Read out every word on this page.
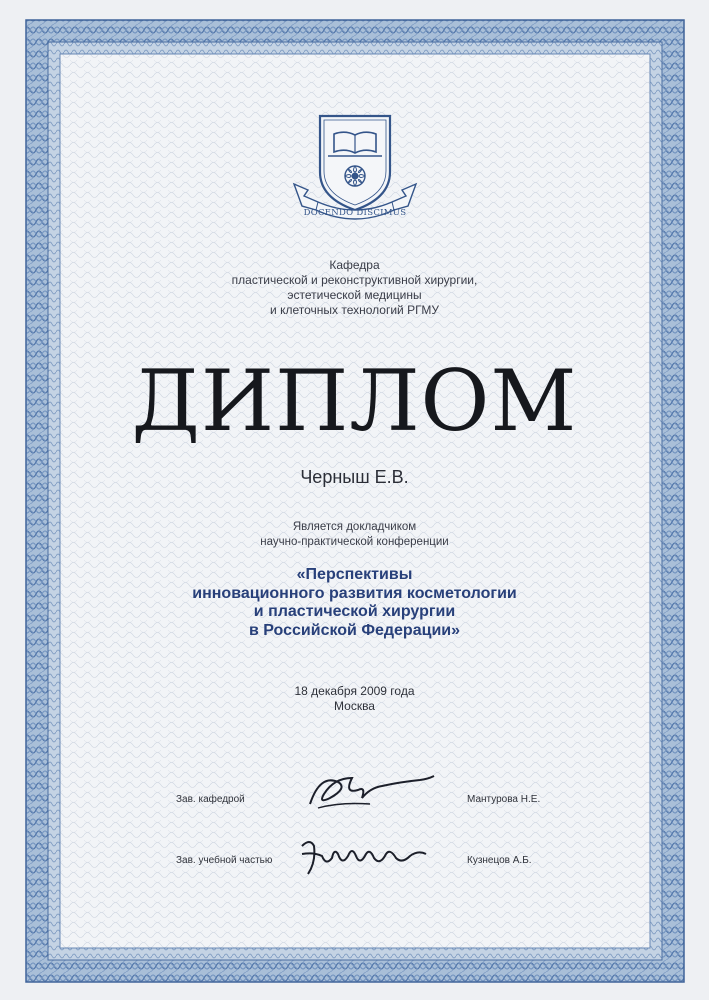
DOCENDO DISCIMUS
Кафедра
пластической и реконструктивной хирургии,
эстетической медицины
и клеточных технологий РГМУ
ДИПЛОМ
Черныш Е.В.
Является докладчиком
научно-практической конференции
«Перспективы
инновационного развития косметологии
и пластической хирургии
в Российской Федерации»
18 декабря 2009 года
Москва
Зав. кафедрой	Мантурова Н.Е.
Зав. учебной частью	Кузнецов А.Б.
